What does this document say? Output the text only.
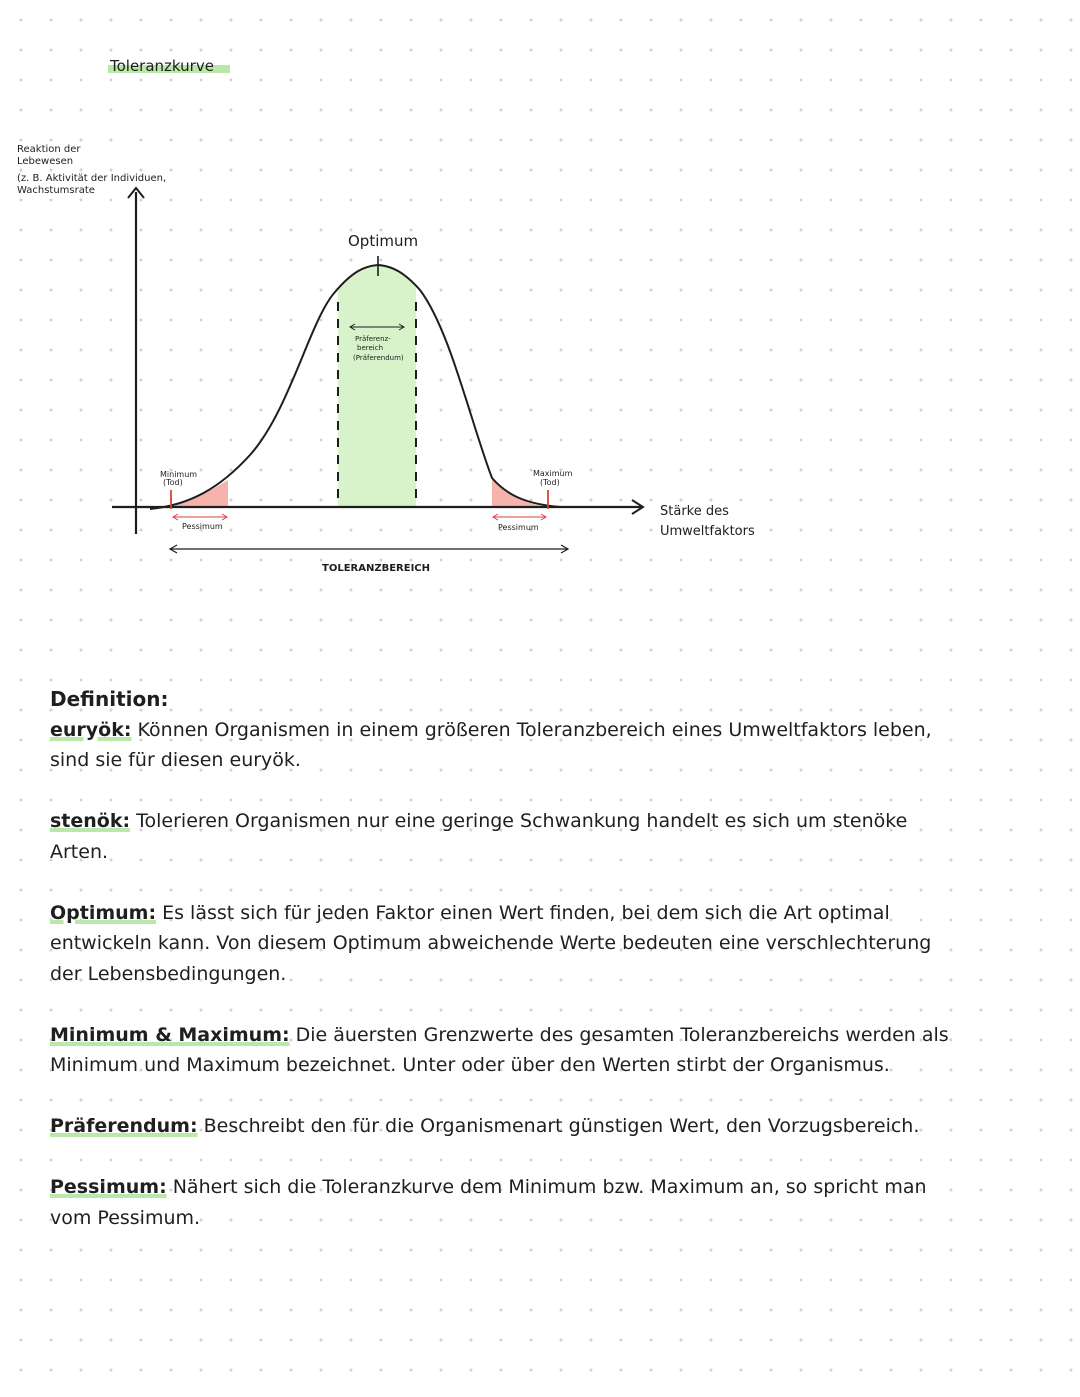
Toleranzkurve
Reaktion der Lebewesen (z. B. Aktivität der Individuen, Wachstumsrate
Optimum
Präferenz- bereich (Präferendum)
Minimum (Tod)
Maximum (Tod)
Pessimum	Pessimum
Stärke des Umweltfaktors
TOLERANZBEREICH

Definition:

euryök: Können Organismen in einem größeren Toleranzbereich eines Umweltfaktors leben, sind sie für diesen euryök.

stenök: Tolerieren Organismen nur eine geringe Schwankung handelt es sich um stenöke Arten.

Optimum: Es lässt sich für jeden Faktor einen Wert finden, bei dem sich die Art optimal entwickeln kann. Von diesem Optimum abweichende Werte bedeuten eine verschlechterung der Lebensbedingungen.

Minimum & Maximum: Die äuersten Grenzwerte des gesamten Toleranzbereichs werden als Minimum und Maximum bezeichnet. Unter oder über den Werten stirbt der Organismus.

Präferendum: Beschreibt den für die Organismenart günstigen Wert, den Vorzugsbereich.

Pessimum: Nähert sich die Toleranzkurve dem Minimum bzw. Maximum an, so spricht man vom Pessimum.
